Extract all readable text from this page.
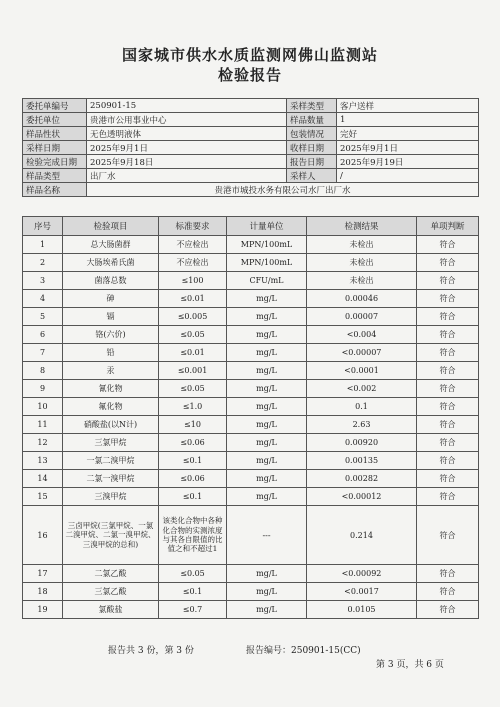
国家城市供水水质监测网佛山监测站
检验报告
委托单编号	250901-15	采样类型	客户送样
委托单位	贵港市公用事业中心	样品数量	1
样品性状	无色透明液体	包装情况	完好
采样日期	2025年9月1日	收样日期	2025年9月1日
检验完成日期	2025年9月18日	报告日期	2025年9月19日
样品类型	出厂水	采样人	/
样品名称	贵港市城投水务有限公司水厂出厂水		
序号	检验项目	标准要求	计量单位	检测结果	单项判断
1	总大肠菌群	不应检出	MPN/100mL	未检出	符合
2	大肠埃希氏菌	不应检出	MPN/100mL	未检出	符合
3	菌落总数	≤100	CFU/mL	未检出	符合
4	砷	≤0.01	mg/L	0.00046	符合
5	镉	≤0.005	mg/L	0.00007	符合
6	铬(六价)	≤0.05	mg/L	<0.004	符合
7	铅	≤0.01	mg/L	<0.00007	符合
8	汞	≤0.001	mg/L	<0.0001	符合
9	氰化物	≤0.05	mg/L	<0.002	符合
10	氟化物	≤1.0	mg/L	0.1	符合
11	硝酸盐(以N计)	≤10	mg/L	2.63	符合
12	三氯甲烷	≤0.06	mg/L	0.00920	符合
13	一氯二溴甲烷	≤0.1	mg/L	0.00135	符合
14	二氯一溴甲烷	≤0.06	mg/L	0.00282	符合
15	三溴甲烷	≤0.1	mg/L	<0.00012	符合
16	三卤甲烷(三氯甲烷、一氯二溴甲烷、二氯一溴甲烷、三溴甲烷的总和)	该类化合物中各种化合物的实测浓度与其各自限值的比值之和不超过1	---	0.214	符合
17	二氯乙酸	≤0.05	mg/L	<0.00092	符合
18	三氯乙酸	≤0.1	mg/L	<0.0017	符合
19	氯酸盐	≤0.7	mg/L	0.0105	符合
报告共 3 份，第 3 份	报告编号：250901-15(CC)
第 3 页，共 6 页
